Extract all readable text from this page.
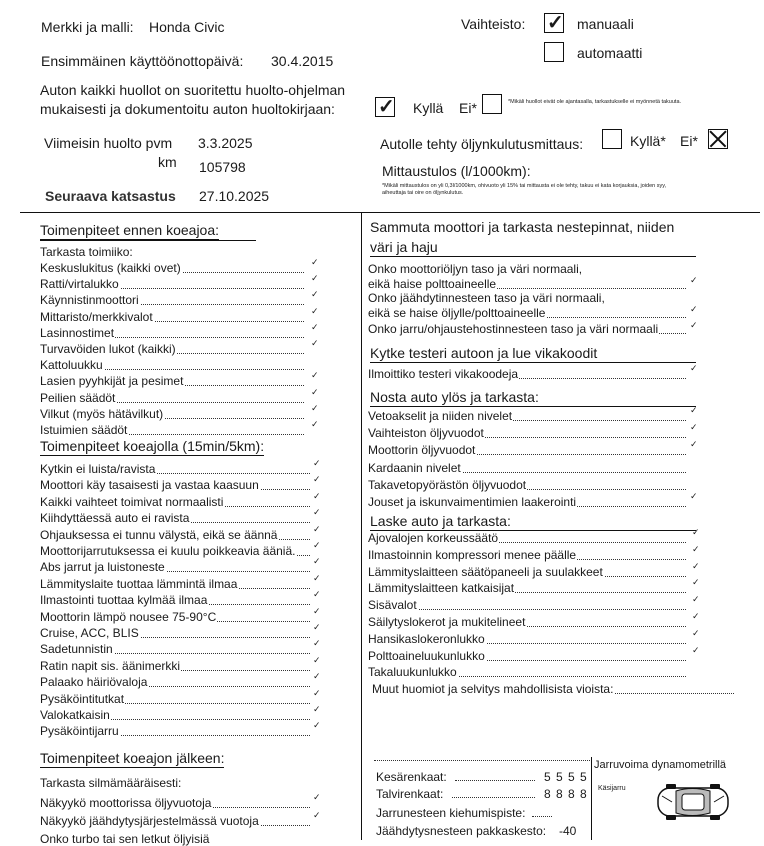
Merkki ja malli: Honda Civic
Ensimmäinen käyttöönottopäivä: 30.4.2015
Vaihteisto: ✓	manuaali
automaatti
Auton kaikki huollot on suoritettu huolto-ohjelman
mukaisesti ja dokumentoitu auton huoltokirjaan: ✓	Kyllä Ei*	*Mikäli huollot eivät ole ajantasalla, tarkastukselle ei myönnetä takuuta.
Viimeisin huolto pvm 3.3.2025
km 105798
Seuraava katsastus 27.10.2025
Autolle tehty öljynkulutusmittaus:	Kyllä* Ei*
Mittaustulos (l/1000km):
*Mikäli mittaustulos on yli 0,3l/1000km, ohivuoto yli 15% tai mittausta ei ole tehty, takuu ei kata korjauksia, joiden syy, aiheuttaja tai oire on öljynkulutus.
Toimenpiteet ennen koeajoa:
Tarkasta toimiiko:
Keskuslukitus (kaikki ovet)	✓
Ratti/virtalukko	✓
Käynnistinmoottori	✓
Mittaristo/merkkivalot	✓
Lasinnostimet	✓
Turvavöiden lukot (kaikki)	✓
Kattoluukku
Lasien pyyhkijät ja pesimet	✓
Peilien säädöt	✓
Vilkut (myös hätävilkut)	✓
Istuimien säädöt	✓
Toimenpiteet koeajolla (15min/5km):
Kytkin ei luista/ravista	✓
Moottori käy tasaisesti ja vastaa kaasuun	✓
Kaikki vaihteet toimivat normaalisti	✓
Kiihdyttäessä auto ei ravista	✓
Ohjauksessa ei tunnu välystä, eikä se äännä	✓
Moottorijarrutuksessa ei kuulu poikkeavia ääniä.	✓
Abs jarrut ja luistoneste	✓
Lämmityslaite tuottaa lämmintä ilmaa	✓
Ilmastointi tuottaa kylmää ilmaa	✓
Moottorin lämpö nousee 75-90°C	✓
Cruise, ACC, BLIS	✓
Sadetunnistin	✓
Ratin napit sis. äänimerkki	✓
Palaako häiriövaloja	✓
Pysäköintitutkat	✓
Valokatkaisin	✓
Pysäköintijarru	✓
Toimenpiteet koeajon jälkeen:
Tarkasta silmämääräisesti:
Näkyykö moottorissa öljyvuotoja	✓
Näkyykö jäähdytysjärjestelmässä vuotoja	✓
Onko turbo tai sen letkut öljyisiä
Sammuta moottori ja tarkasta nestepinnat, niiden
väri ja haju
Onko moottoriöljyn taso ja väri normaali,
eikä haise polttoaineelle	✓
Onko jäähdytinnesteen taso ja väri normaali,
eikä se haise öljylle/polttoaineelle	✓
Onko jarru/ohjaustehostinnesteen taso ja väri normaali	✓
Kytke testeri autoon ja lue vikakoodit
Ilmoittiko testeri vikakoodeja	✓
Nosta auto ylös ja tarkasta:
Vetoakselit ja niiden nivelet	✓
Vaihteiston öljyvuodot	✓
Moottorin öljyvuodot	✓
Kardaanin nivelet
Takavetopyörästön öljyvuodot
Jouset ja iskunvaimentimien laakerointi	✓
Laske auto ja tarkasta:
Ajovalojen korkeussäätö	✓
Ilmastoinnin kompressori menee päälle	✓
Lämmityslaitteen säätöpaneeli ja suulakkeet	✓
Lämmityslaitteen katkaisijat	✓
Sisävalot	✓
Säilytyslokerot ja mukitelineet	✓
Hansikaslokeronlukko	✓
Polttoaineluukunlukko	✓
Takaluukunlukko
Muut huomiot ja selvitys mahdollisista vioista:
Kesärenkaat:	5 5 5 5
Talvirenkaat:	8 8 8 8
Jarrunesteen kiehumispiste:
Jäähdytysnesteen pakkaskesto: -40
Jarruvoima dynamometrillä
Käsijarru
